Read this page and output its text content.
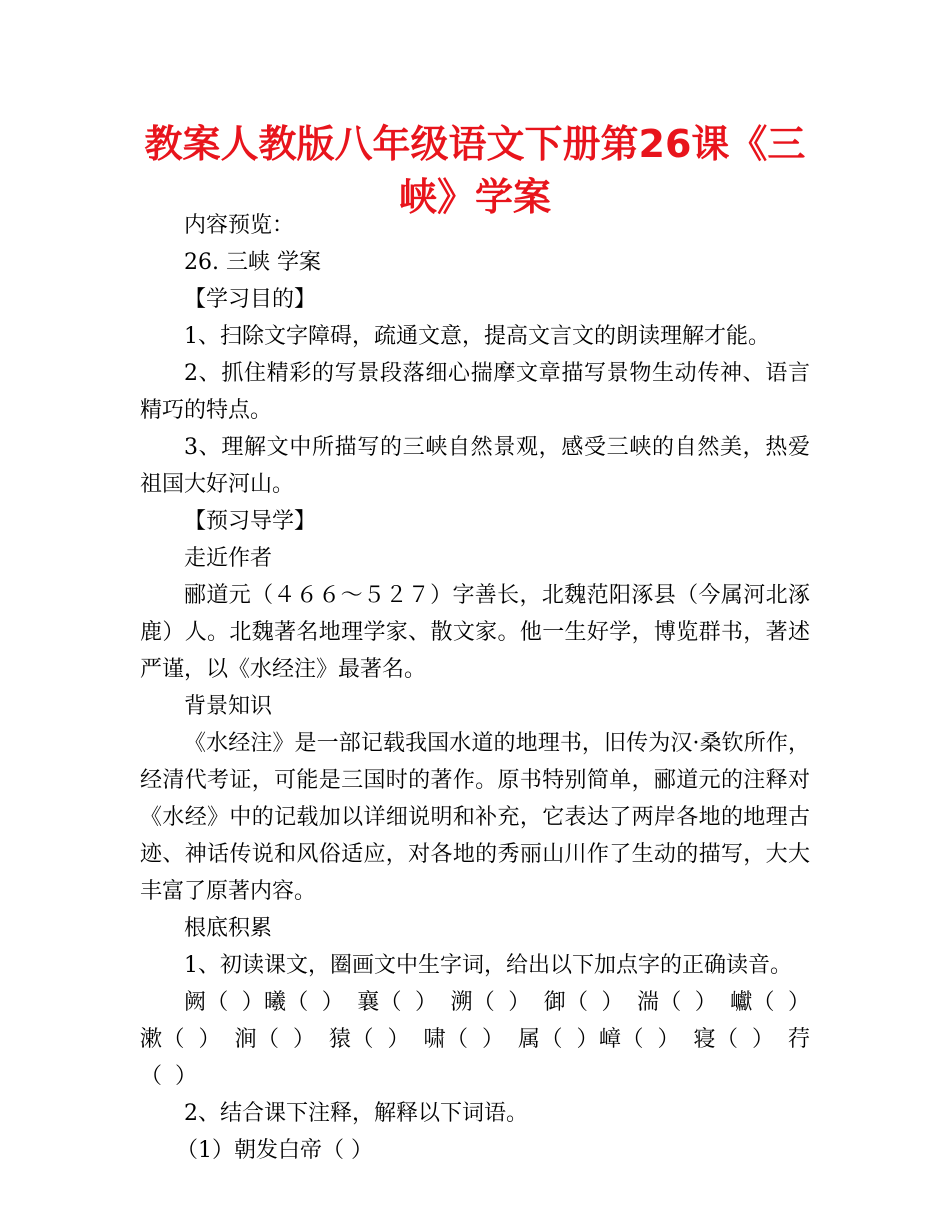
教案人教版八年级语文下册第26课《三峡》学案

内容预览：

26. 三峡 学案

【学习目的】

1、扫除文字障碍，疏通文意，提高文言文的朗读理解才能。

2、抓住精彩的写景段落细心揣摩文章描写景物生动传神、语言精巧的特点。

3、理解文中所描写的三峡自然景观，感受三峡的自然美，热爱祖国大好河山。

【预习导学】

走近作者

郦道元（４６６～５２７）字善长，北魏范阳涿县（今属河北涿鹿）人。北魏著名地理学家、散文家。他一生好学，博览群书，著述严谨，以《水经注》最著名。

背景知识

《水经注》是一部记载我国水道的地理书，旧传为汉·桑钦所作，经清代考证，可能是三国时的著作。原书特别简单，郦道元的注释对《水经》中的记载加以详细说明和补充，它表达了两岸各地的地理古迹、神话传说和风俗适应，对各地的秀丽山川作了生动的描写，大大丰富了原著内容。

根底积累

1、初读课文，圈画文中生字词，给出以下加点字的正确读音。

阙（ ）曦（ ） 襄（ ） 溯（ ） 御（ ） 湍（ ） 巘（ ） 漱（ ） 涧（ ） 猿（ ） 啸（ ） 属（ ）嶂（ ） 寝（ ） 荇（ ）

2、结合课下注释，解释以下词语。

（1）朝发白帝（ ）
